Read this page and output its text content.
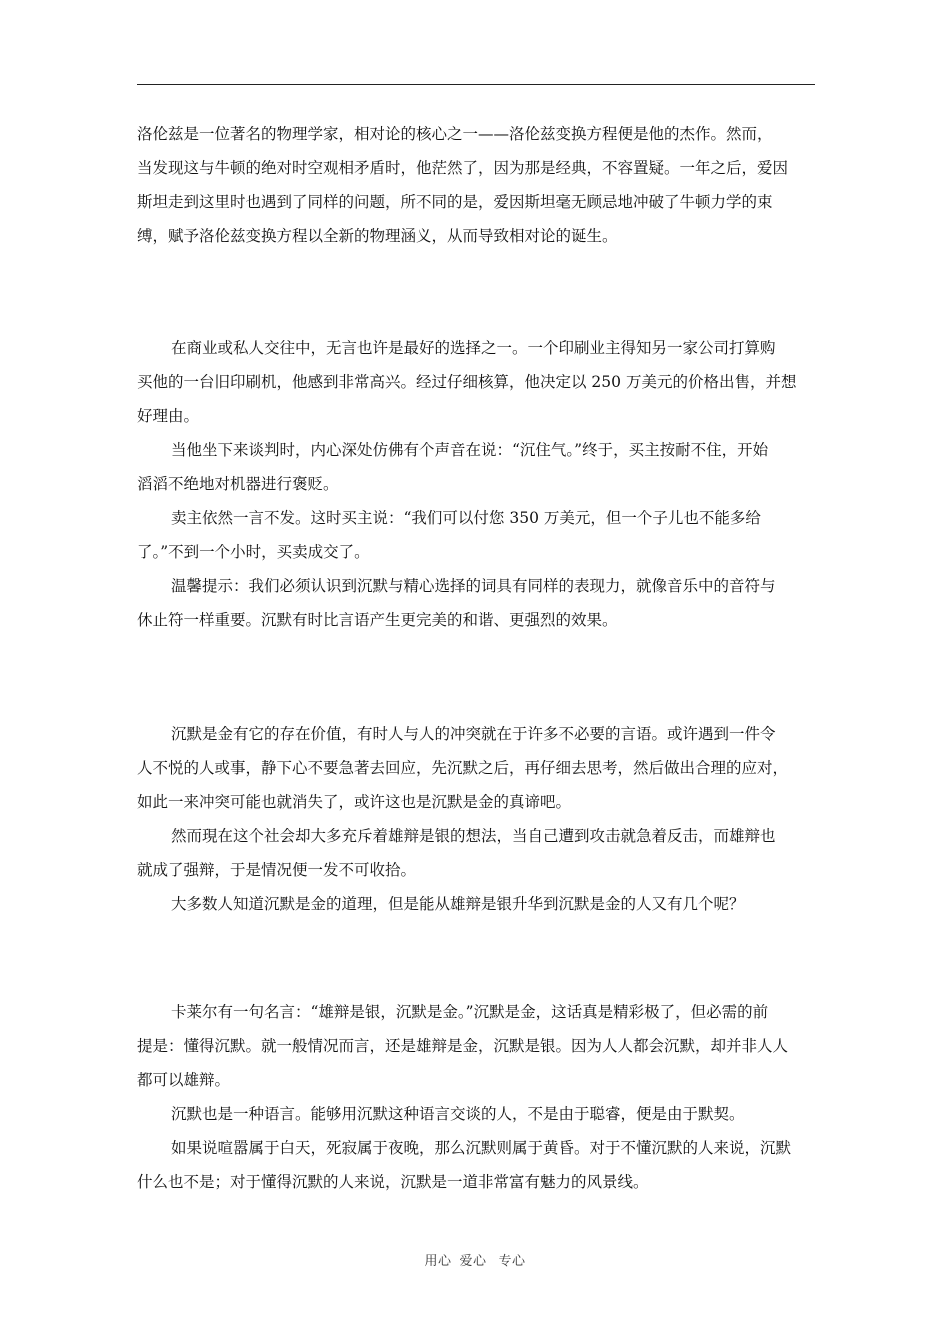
洛伦兹是一位著名的物理学家，相对论的核心之一——洛伦兹变换方程便是他的杰作。然而，
当发现这与牛顿的绝对时空观相矛盾时，他茫然了，因为那是经典，不容置疑。一年之后，爱因
斯坦走到这里时也遇到了同样的问题，所不同的是，爱因斯坦毫无顾忌地冲破了牛顿力学的束
缚，赋予洛伦兹变换方程以全新的物理涵义，从而导致相对论的诞生。
在商业或私人交往中，无言也许是最好的选择之一。一个印刷业主得知另一家公司打算购
买他的一台旧印刷机，他感到非常高兴。经过仔细核算，他决定以 250 万美元的价格出售，并想
好理由。
当他坐下来谈判时，内心深处仿佛有个声音在说：“沉住气。”终于，买主按耐不住，开始
滔滔不绝地对机器进行褒贬。
卖主依然一言不发。这时买主说：“我们可以付您 350 万美元，但一个子儿也不能多给
了。”不到一个小时，买卖成交了。
温馨提示：我们必须认识到沉默与精心选择的词具有同样的表现力，就像音乐中的音符与
休止符一样重要。沉默有时比言语产生更完美的和谐、更强烈的效果。
沉默是金有它的存在价值，有时人与人的冲突就在于许多不必要的言语。或许遇到一件令
人不悦的人或事，静下心不要急著去回应，先沉默之后，再仔细去思考，然后做出合理的应对，
如此一来冲突可能也就消失了，或许这也是沉默是金的真谛吧。
然而現在这个社会却大多充斥着雄辩是银的想法，当自己遭到攻击就急着反击，而雄辩也
就成了强辩，于是情况便一发不可收拾。
大多数人知道沉默是金的道理，但是能从雄辩是银升华到沉默是金的人又有几个呢？
卡莱尔有一句名言：“雄辩是银，沉默是金。”沉默是金，这话真是精彩极了，但必需的前
提是：懂得沉默。就一般情况而言，还是雄辩是金，沉默是银。因为人人都会沉默，却并非人人
都可以雄辩。
沉默也是一种语言。能够用沉默这种语言交谈的人，不是由于聪睿，便是由于默契。
如果说喧嚣属于白天，死寂属于夜晚，那么沉默则属于黄昏。对于不懂沉默的人来说，沉默
什么也不是；对于懂得沉默的人来说，沉默是一道非常富有魅力的风景线。
用心 爱心 专心
